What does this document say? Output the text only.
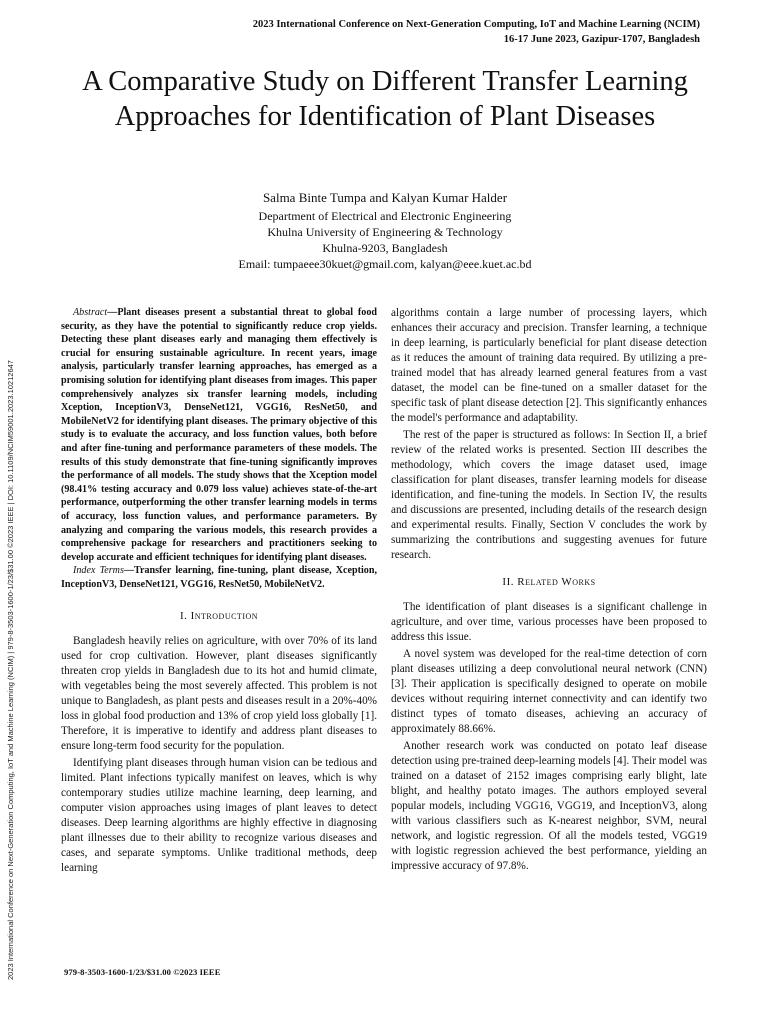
2023 International Conference on Next-Generation Computing, IoT and Machine Learning (NCIM)
16-17 June 2023, Gazipur-1707, Bangladesh
2023 International Conference on Next-Generation Computing, IoT and Machine Learning (NCIM) | 979-8-3503-1600-1/23/$31.00 ©2023 IEEE | DOI: 10.1109/NCIM59001.2023.10212647
A Comparative Study on Different Transfer Learning Approaches for Identification of Plant Diseases
Salma Binte Tumpa and Kalyan Kumar Halder
Department of Electrical and Electronic Engineering
Khulna University of Engineering & Technology
Khulna-9203, Bangladesh
Email: tumpaeee30kuet@gmail.com, kalyan@eee.kuet.ac.bd

Abstract—Plant diseases present a substantial threat to global food security, as they have the potential to significantly reduce crop yields. Detecting these plant diseases early and managing them effectively is crucial for ensuring sustainable agriculture. In recent years, image analysis, particularly transfer learning approaches, has emerged as a promising solution for identifying plant diseases from images. This paper comprehensively analyzes six transfer learning models, including Xception, InceptionV3, DenseNet121, VGG16, ResNet50, and MobileNetV2 for identifying plant diseases. The primary objective of this study is to evaluate the accuracy, and loss function values, both before and after fine-tuning and performance parameters of these models. The results of this study demonstrate that fine-tuning significantly improves the performance of all models. The study shows that the Xception model (98.41% testing accuracy and 0.079 loss value) achieves state-of-the-art performance, outperforming the other transfer learning models in terms of accuracy, loss function values, and performance parameters. By analyzing and comparing the various models, this research provides a comprehensive package for researchers and practitioners seeking to develop accurate and efficient techniques for identifying plant diseases.

Index Terms—Transfer learning, fine-tuning, plant disease, Xception, InceptionV3, DenseNet121, VGG16, ResNet50, MobileNetV2.

I. Introduction

Bangladesh heavily relies on agriculture, with over 70% of its land used for crop cultivation. However, plant diseases significantly threaten crop yields in Bangladesh due to its hot and humid climate, with vegetables being the most severely affected. This problem is not unique to Bangladesh, as plant pests and diseases result in a 20%-40% loss in global food production and 13% of crop yield loss globally [1]. Therefore, it is imperative to identify and address plant diseases to ensure long-term food security for the population.

Identifying plant diseases through human vision can be tedious and limited. Plant infections typically manifest on leaves, which is why contemporary studies utilize machine learning, deep learning, and computer vision approaches using images of plant leaves to detect diseases. Deep learning algorithms are highly effective in diagnosing plant illnesses due to their ability to recognize various diseases and cases, and separate symptoms. Unlike traditional methods, deep learning

algorithms contain a large number of processing layers, which enhances their accuracy and precision. Transfer learning, a technique in deep learning, is particularly beneficial for plant disease detection as it reduces the amount of training data required. By utilizing a pre-trained model that has already learned general features from a vast dataset, the model can be fine-tuned on a smaller dataset for the specific task of plant disease detection [2]. This significantly enhances the model's performance and adaptability.

The rest of the paper is structured as follows: In Section II, a brief review of the related works is presented. Section III describes the methodology, which covers the image dataset used, image classification for plant diseases, transfer learning models for disease identification, and fine-tuning the models. In Section IV, the results and discussions are presented, including details of the research design and experimental results. Finally, Section V concludes the work by summarizing the contributions and suggesting avenues for future research.

II. Related Works

The identification of plant diseases is a significant challenge in agriculture, and over time, various processes have been proposed to address this issue.

A novel system was developed for the real-time detection of corn plant diseases utilizing a deep convolutional neural network (CNN) [3]. Their application is specifically designed to operate on mobile devices without requiring internet connectivity and can identify two distinct types of tomato diseases, achieving an accuracy of approximately 88.66%.

Another research work was conducted on potato leaf disease detection using pre-trained deep-learning models [4]. Their model was trained on a dataset of 2152 images comprising early blight, late blight, and healthy potato images. The authors employed several popular models, including VGG16, VGG19, and InceptionV3, along with various classifiers such as K-nearest neighbor, SVM, neural network, and logistic regression. Of all the models tested, VGG19 with logistic regression achieved the best performance, yielding an impressive accuracy of 97.8%.

979-8-3503-1600-1/23/$31.00 ©2023 IEEE
